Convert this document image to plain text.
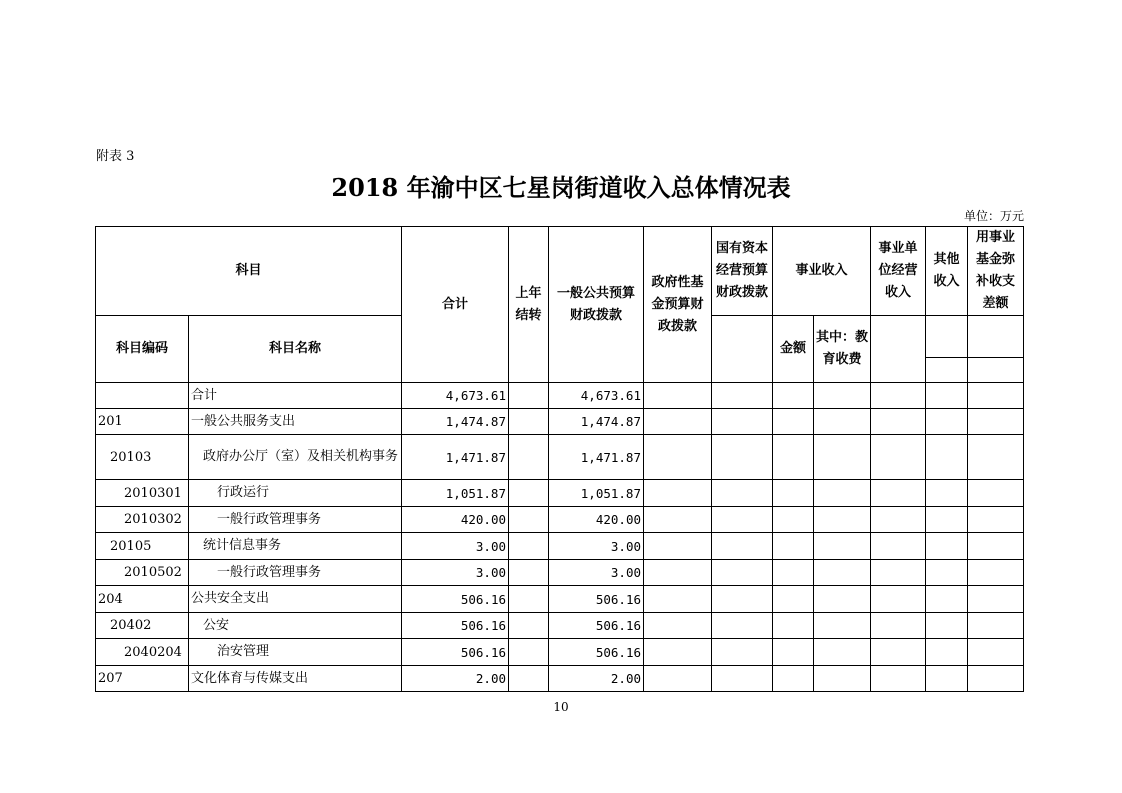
附表 3
2018 年渝中区七星岗街道收入总体情况表
单位：万元
科目		合计	上年结转	一般公共预算财政拨款	政府性基金预算财政拨款	国有资本经营预算财政拨款	事业收入		事业单位经营收入	其他收入	用事业基金弥补收支差额
科目编码	科目名称						金额	其中：教育收费			

	合计	4,673.61		4,673.61							
201	一般公共服务支出	1,474.87		1,474.87							
20103	政府办公厅（室）及相关机构事务	1,471.87		1,471.87							
2010301	行政运行	1,051.87		1,051.87							
2010302	一般行政管理事务	420.00		420.00							
20105	统计信息事务	3.00		3.00							
2010502	一般行政管理事务	3.00		3.00							
204	公共安全支出	506.16		506.16							
20402	公安	506.16		506.16							
2040204	治安管理	506.16		506.16							
207	文化体育与传媒支出	2.00		2.00							
10
